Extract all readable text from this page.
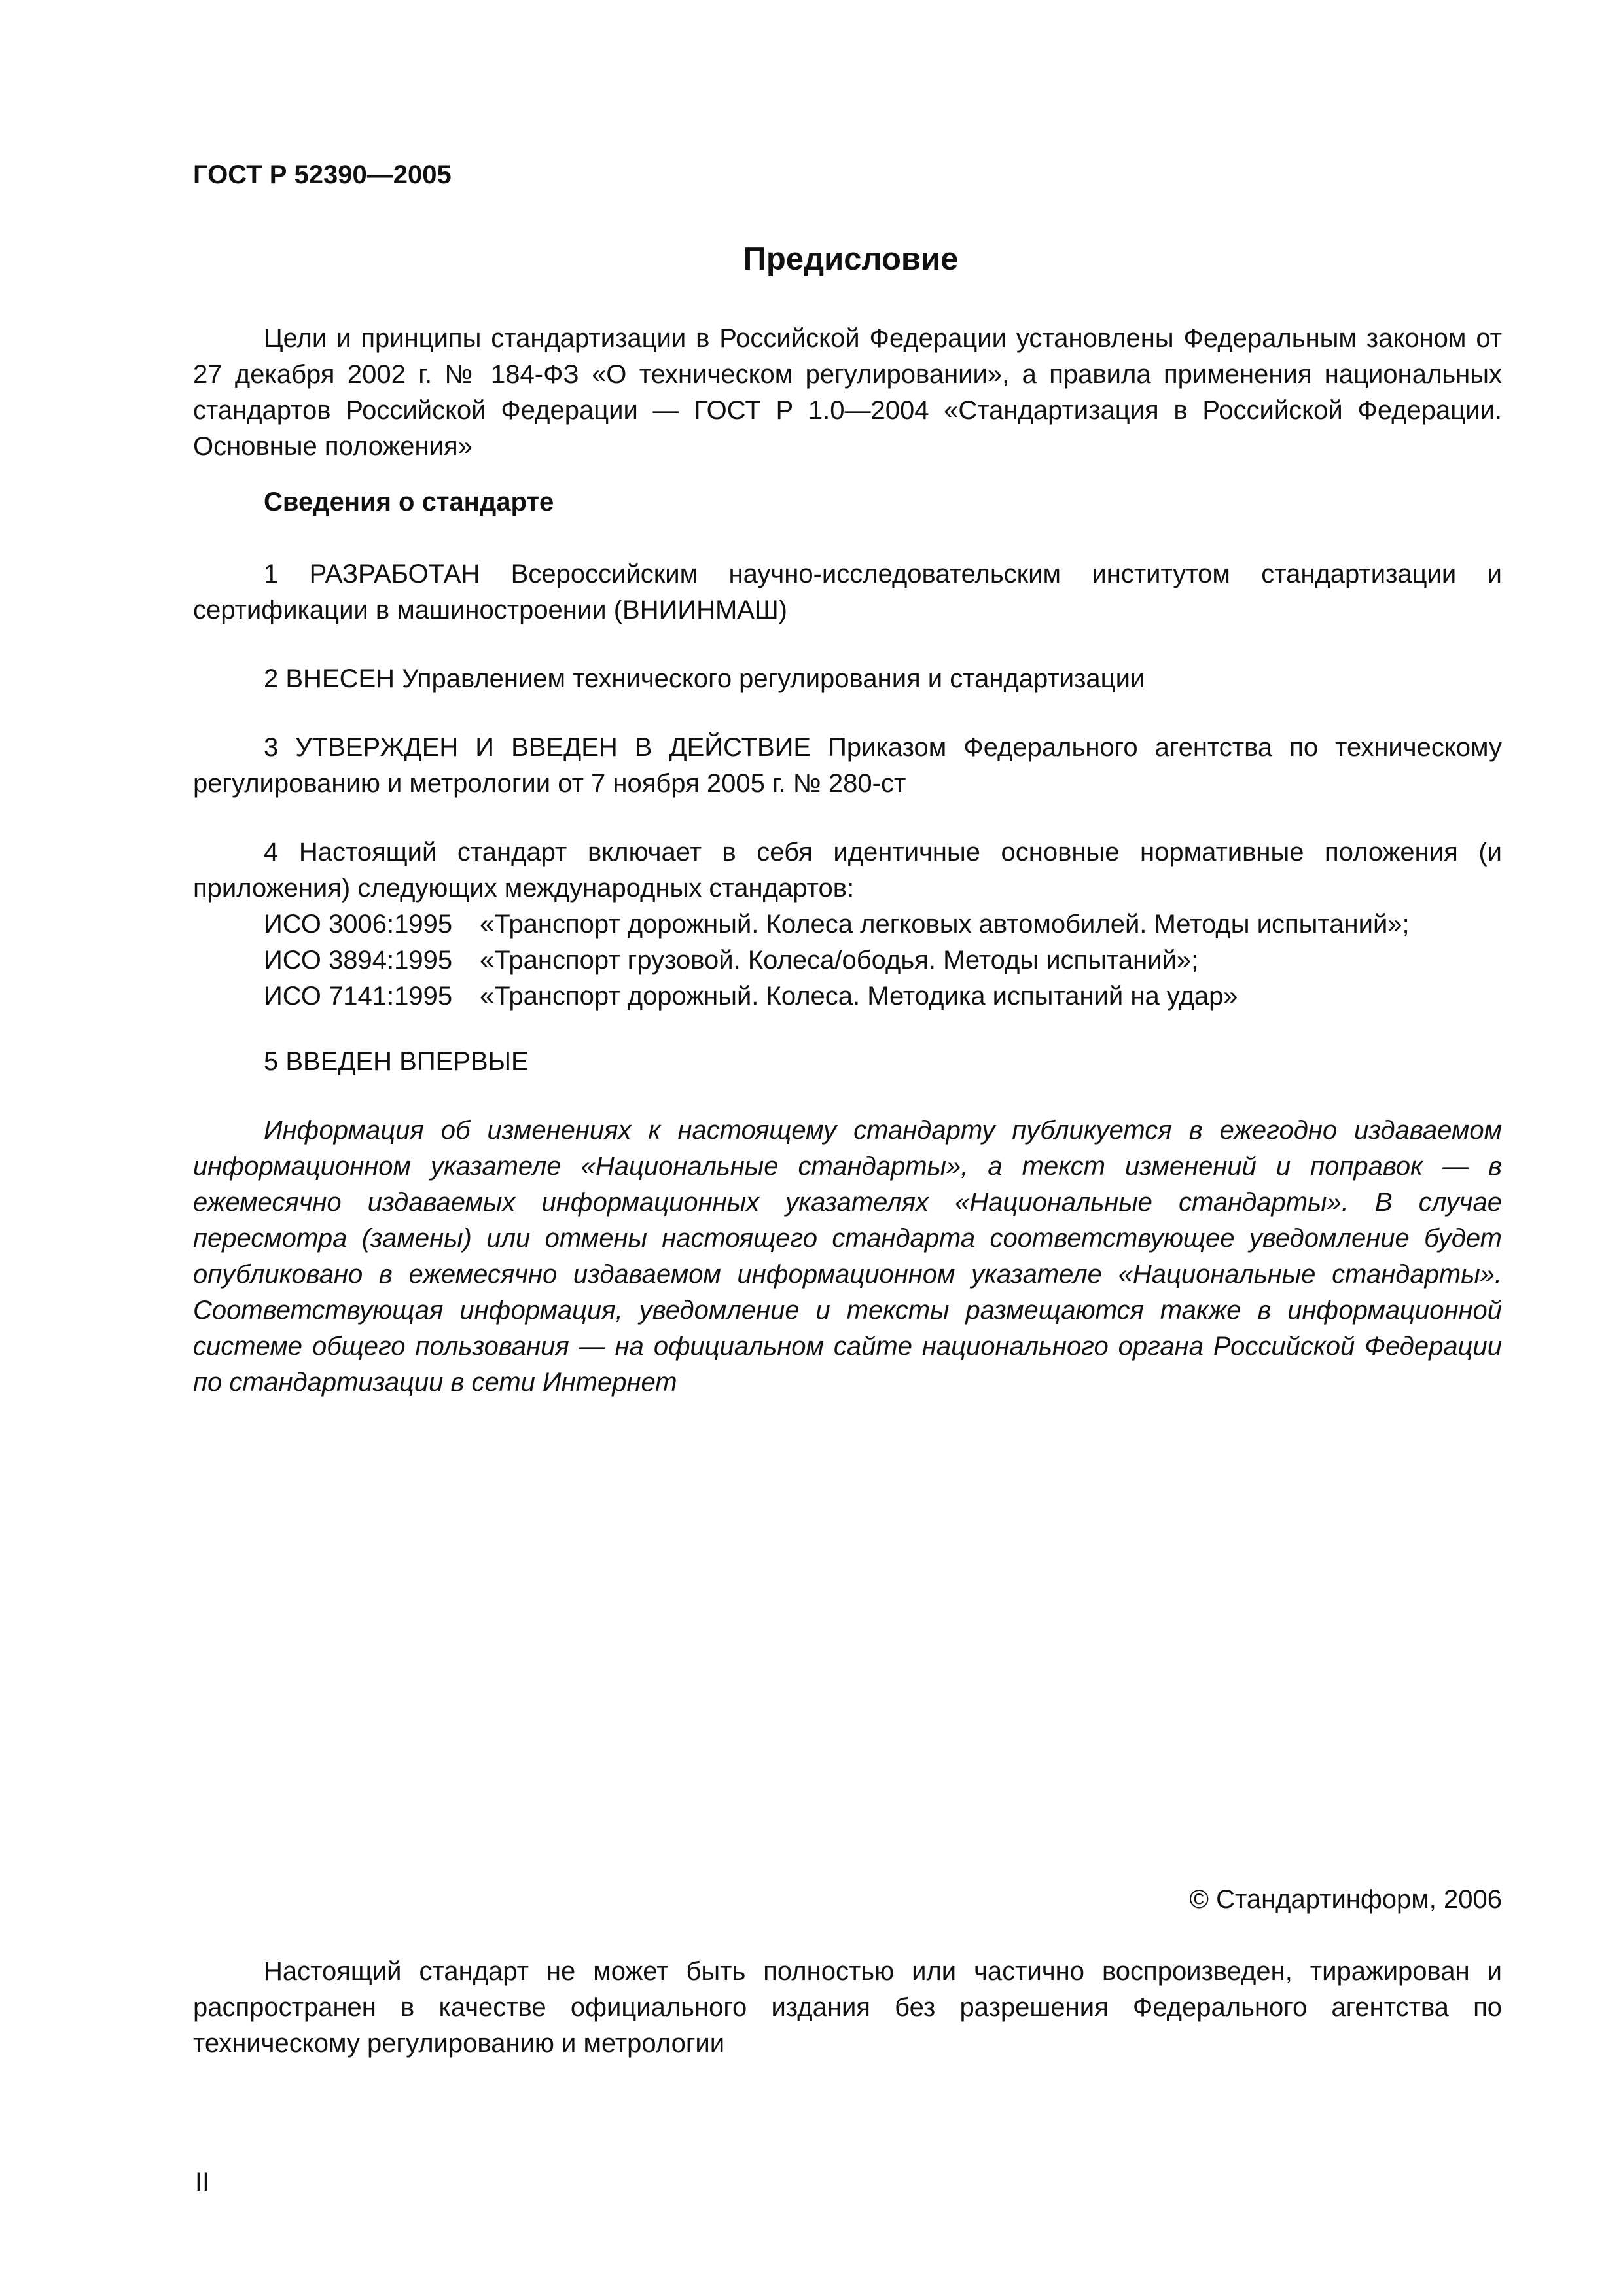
ГОСТ Р 52390—2005
Предисловие
Цели и принципы стандартизации в Российской Федерации установлены Федеральным законом от 27 декабря 2002 г. № 184-ФЗ «О техническом регулировании», а правила применения национальных стандартов Российской Федерации — ГОСТ Р 1.0—2004 «Стандартизация в Российской Федерации. Основные положения»
Сведения о стандарте
1 РАЗРАБОТАН Всероссийским научно-исследовательским институтом стандартизации и сертификации в машиностроении (ВНИИНМАШ)
2 ВНЕСЕН Управлением технического регулирования и стандартизации
3 УТВЕРЖДЕН И ВВЕДЕН В ДЕЙСТВИЕ Приказом Федерального агентства по техническому регулированию и метрологии от 7 ноября 2005 г. № 280-ст
4 Настоящий стандарт включает в себя идентичные основные нормативные положения (и приложения) следующих международных стандартов:
ИСО 3006:1995	«Транспорт дорожный. Колеса легковых автомобилей. Методы испытаний»;
ИСО 3894:1995	«Транспорт грузовой. Колеса/ободья. Методы испытаний»;
ИСО 7141:1995	«Транспорт дорожный. Колеса. Методика испытаний на удар»
5 ВВЕДЕН ВПЕРВЫЕ
Информация об изменениях к настоящему стандарту публикуется в ежегодно издаваемом информационном указателе «Национальные стандарты», а текст изменений и поправок — в ежемесячно издаваемых информационных указателях «Национальные стандарты». В случае пересмотра (замены) или отмены настоящего стандарта соответствующее уведомление будет опубликовано в ежемесячно издаваемом информационном указателе «Национальные стандарты». Соответствующая информация, уведомление и тексты размещаются также в информационной системе общего пользования — на официальном сайте национального органа Российской Федерации по стандартизации в сети Интернет
© Стандартинформ, 2006
Настоящий стандарт не может быть полностью или частично воспроизведен, тиражирован и распространен в качестве официального издания без разрешения Федерального агентства по техническому регулированию и метрологии
II
